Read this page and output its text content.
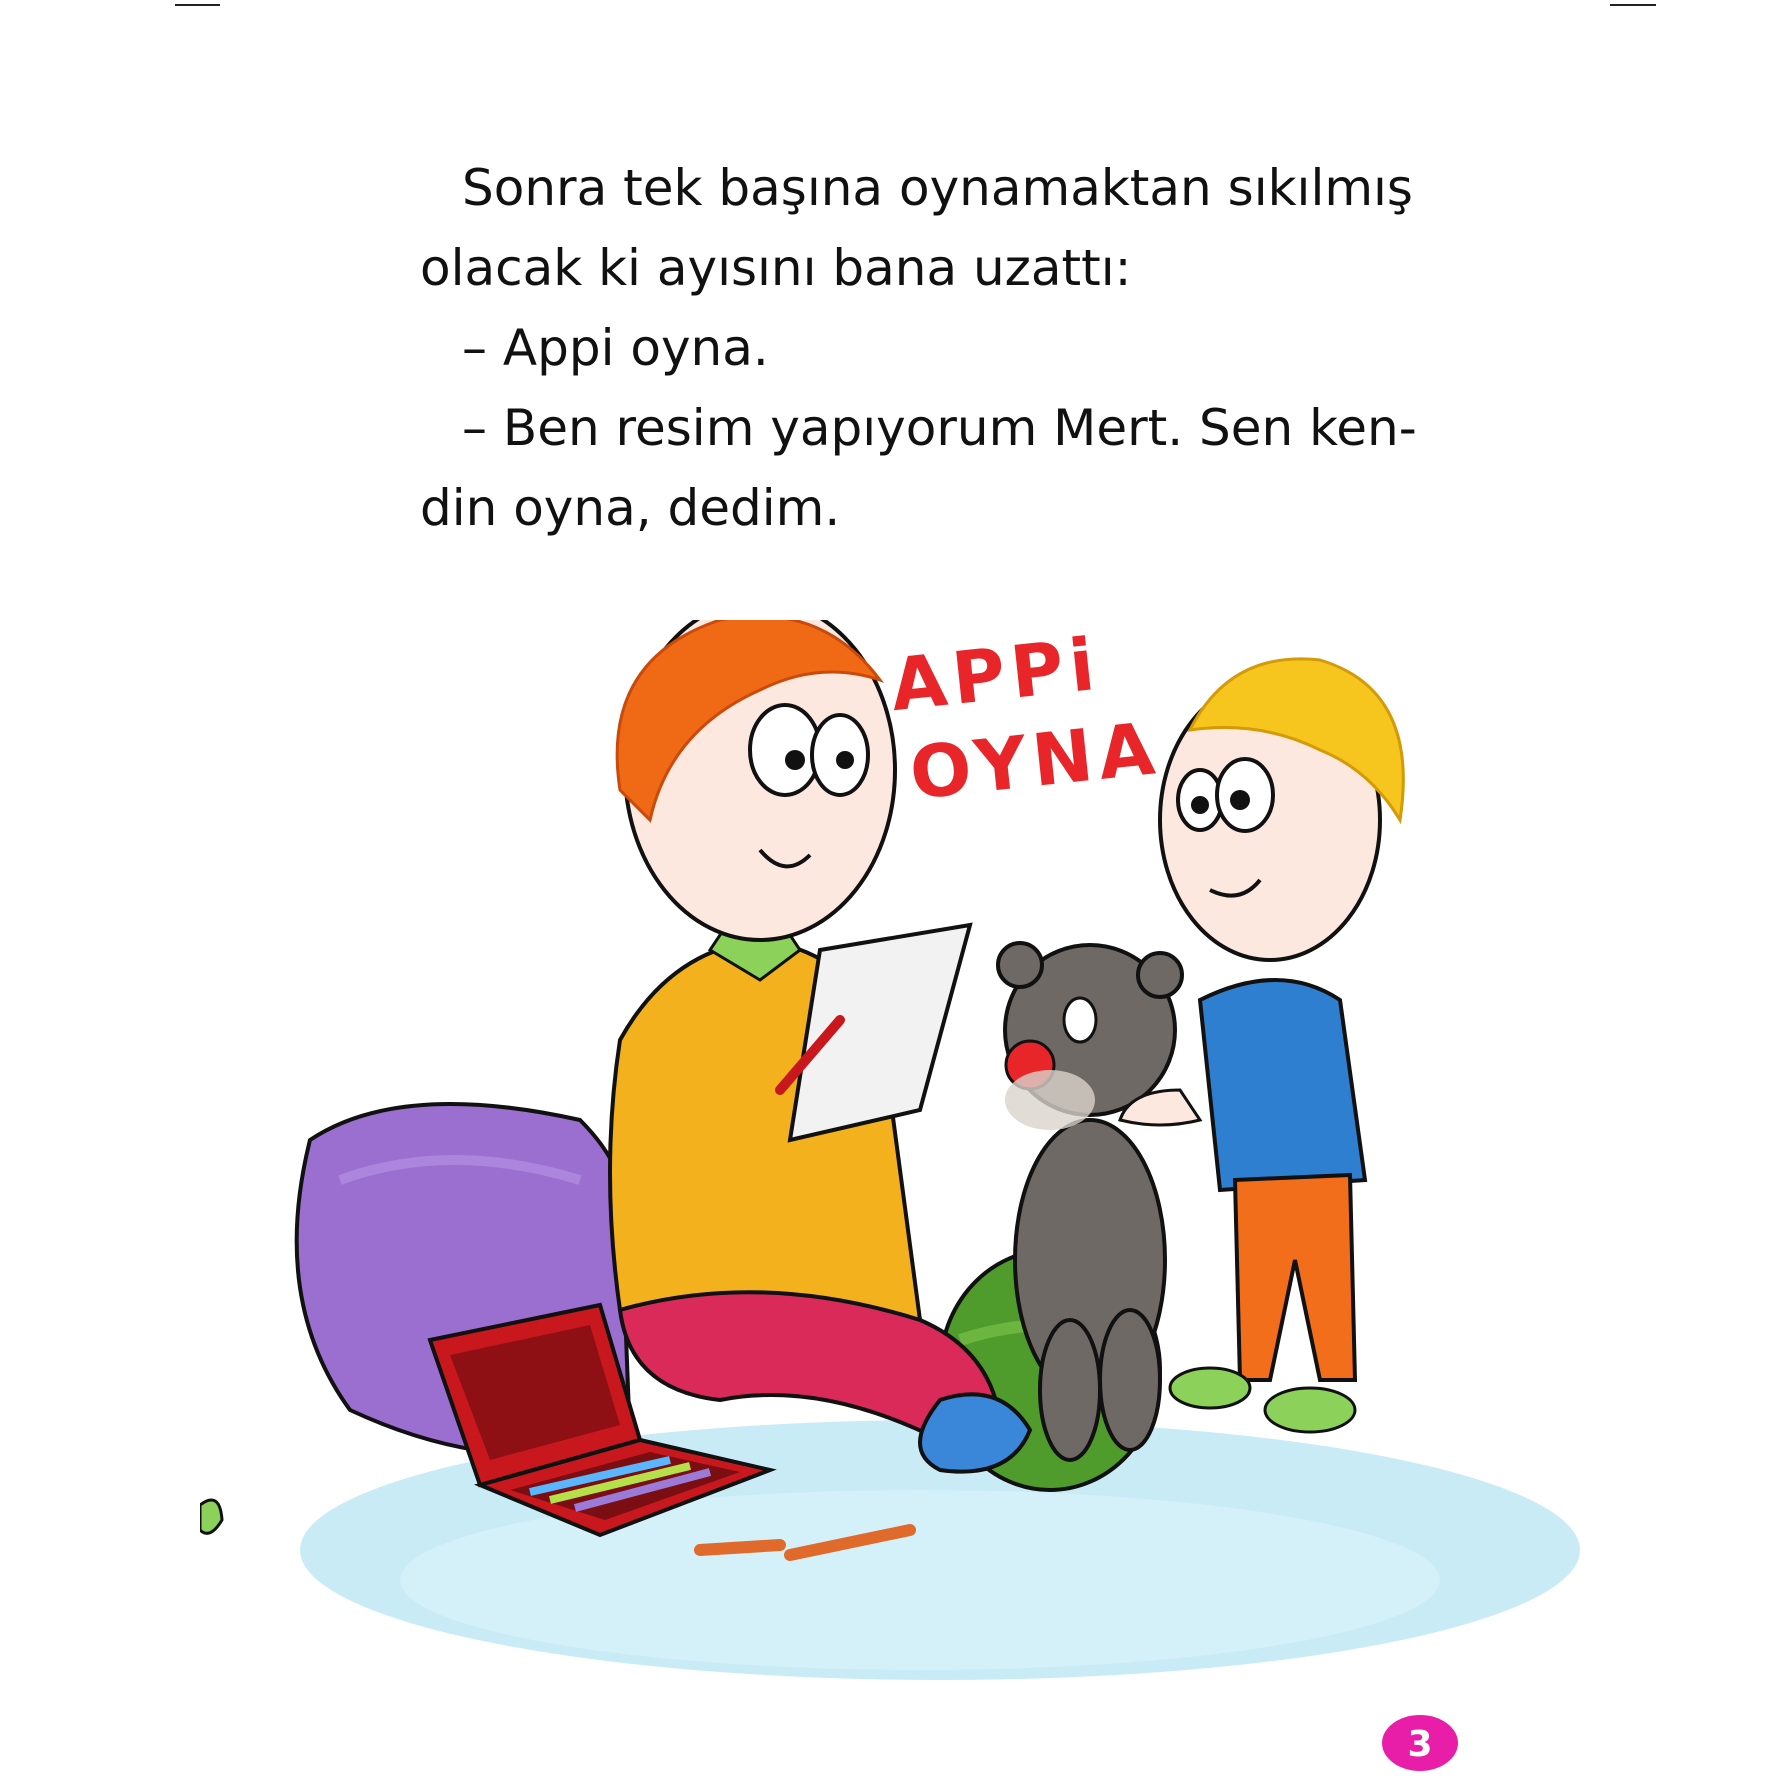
Sonra tek başına oynamaktan sıkılmış
olacak ki ayısını bana uzattı:
– Appi oyna.
– Ben resim yapıyorum Mert. Sen ken-
din oyna, dedim.
APPi
OYNA
3
